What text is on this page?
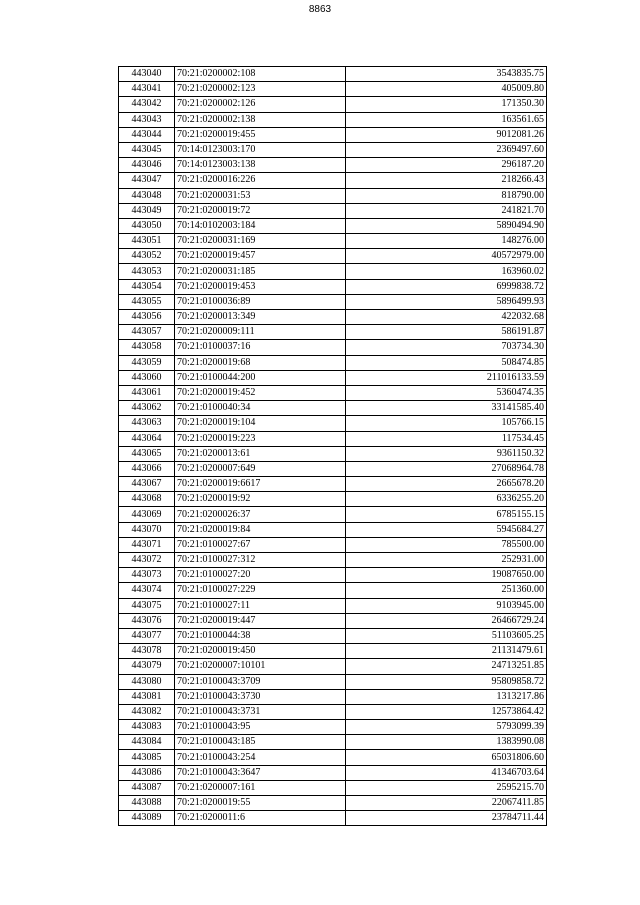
8863
443040	70:21:0200002:108	3543835.75
443041	70:21:0200002:123	405009.80
443042	70:21:0200002:126	171350.30
443043	70:21:0200002:138	163561.65
443044	70:21:0200019:455	9012081.26
443045	70:14:0123003:170	2369497.60
443046	70:14:0123003:138	296187.20
443047	70:21:0200016:226	218266.43
443048	70:21:0200031:53	818790.00
443049	70:21:0200019:72	241821.70
443050	70:14:0102003:184	5890494.90
443051	70:21:0200031:169	148276.00
443052	70:21:0200019:457	40572979.00
443053	70:21:0200031:185	163960.02
443054	70:21:0200019:453	6999838.72
443055	70:21:0100036:89	5896499.93
443056	70:21:0200013:349	422032.68
443057	70:21:0200009:111	586191.87
443058	70:21:0100037:16	703734.30
443059	70:21:0200019:68	508474.85
443060	70:21:0100044:200	211016133.59
443061	70:21:0200019:452	5360474.35
443062	70:21:0100040:34	33141585.40
443063	70:21:0200019:104	105766.15
443064	70:21:0200019:223	117534.45
443065	70:21:0200013:61	9361150.32
443066	70:21:0200007:649	27068964.78
443067	70:21:0200019:6617	2665678.20
443068	70:21:0200019:92	6336255.20
443069	70:21:0200026:37	6785155.15
443070	70:21:0200019:84	5945684.27
443071	70:21:0100027:67	785500.00
443072	70:21:0100027:312	252931.00
443073	70:21:0100027:20	19087650.00
443074	70:21:0100027:229	251360.00
443075	70:21:0100027:11	9103945.00
443076	70:21:0200019:447	26466729.24
443077	70:21:0100044:38	51103605.25
443078	70:21:0200019:450	21131479.61
443079	70:21:0200007:10101	24713251.85
443080	70:21:0100043:3709	95809858.72
443081	70:21:0100043:3730	1313217.86
443082	70:21:0100043:3731	12573864.42
443083	70:21:0100043:95	5793099.39
443084	70:21:0100043:185	1383990.08
443085	70:21:0100043:254	65031806.60
443086	70:21:0100043:3647	41346703.64
443087	70:21:0200007:161	2595215.70
443088	70:21:0200019:55	22067411.85
443089	70:21:0200011:6	23784711.44
